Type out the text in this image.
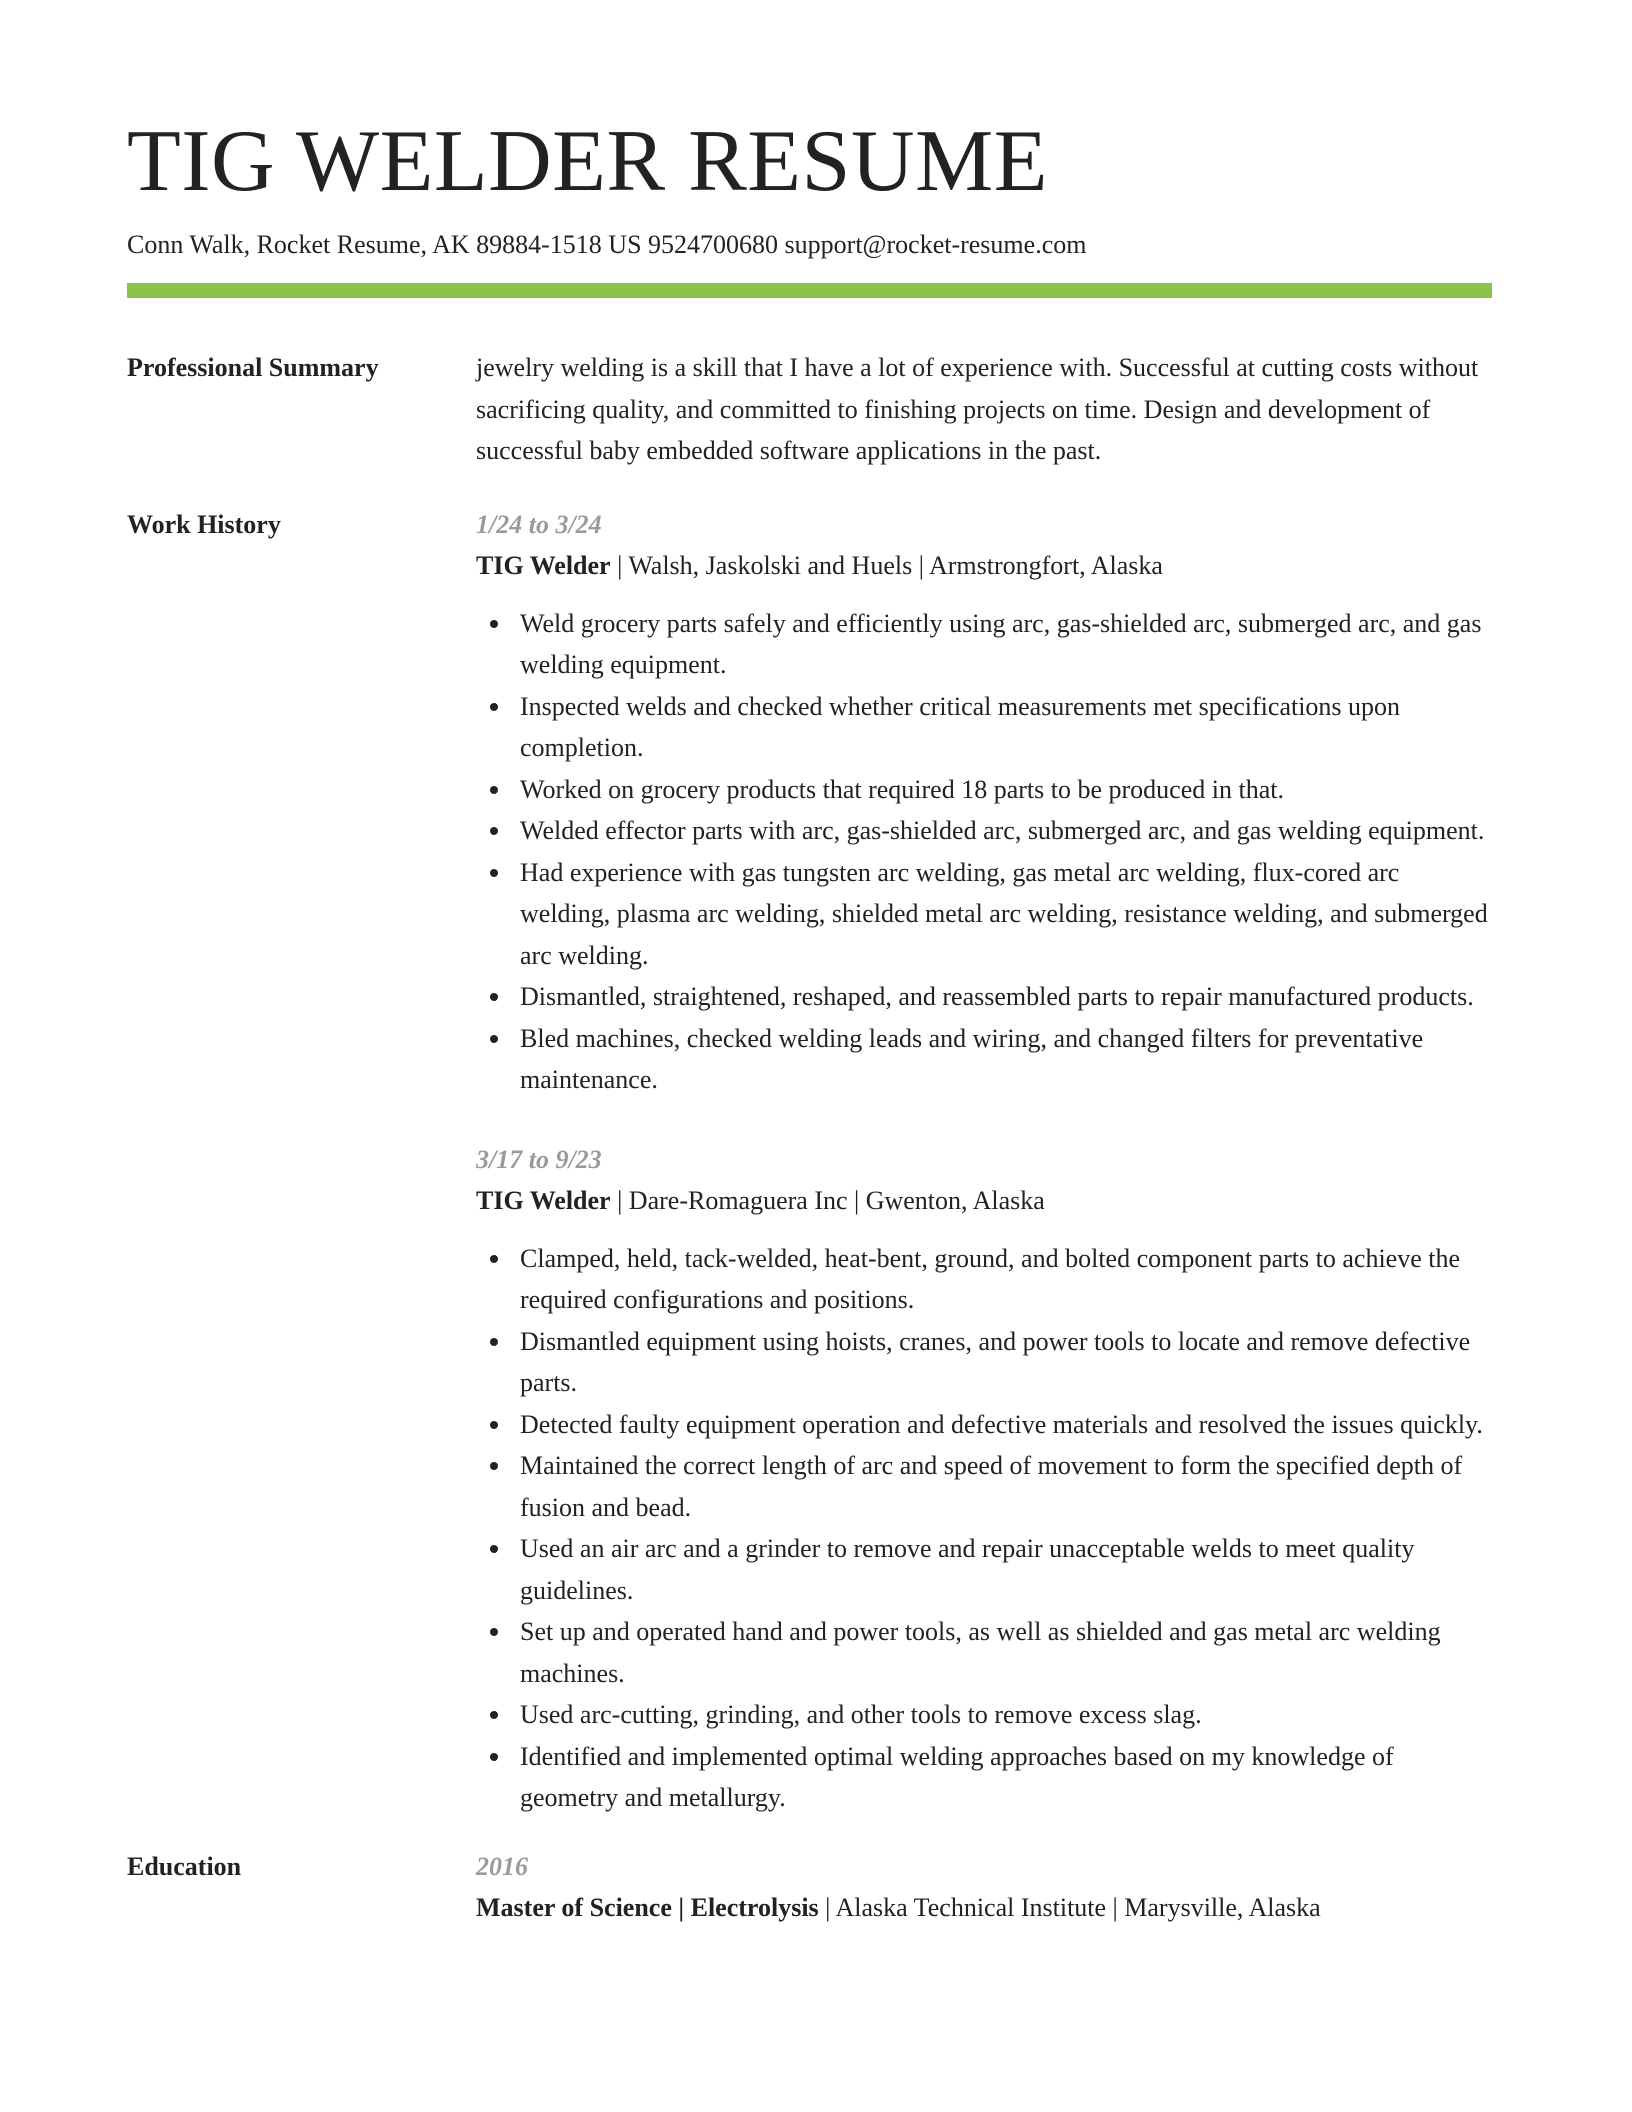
TIG WELDER RESUME
Conn Walk, Rocket Resume, AK 89884-1518 US 9524700680 support@rocket-resume.com
Professional Summary	jewelry welding is a skill that I have a lot of experience with. Successful at cutting costs without sacrificing quality, and committed to finishing projects on time. Design and development of successful baby embedded software applications in the past.
Work History	1/24 to 3/24
TIG Welder | Walsh, Jaskolski and Huels | Armstrongfort, Alaska
Weld grocery parts safely and efficiently using arc, gas-shielded arc, submerged arc, and gas welding equipment.
Inspected welds and checked whether critical measurements met specifications upon completion.
Worked on grocery products that required 18 parts to be produced in that.
Welded effector parts with arc, gas-shielded arc, submerged arc, and gas welding equipment.
Had experience with gas tungsten arc welding, gas metal arc welding, flux-cored arc welding, plasma arc welding, shielded metal arc welding, resistance welding, and submerged arc welding.
Dismantled, straightened, reshaped, and reassembled parts to repair manufactured products.
Bled machines, checked welding leads and wiring, and changed filters for preventative maintenance.
3/17 to 9/23
TIG Welder | Dare-Romaguera Inc | Gwenton, Alaska
Clamped, held, tack-welded, heat-bent, ground, and bolted component parts to achieve the required configurations and positions.
Dismantled equipment using hoists, cranes, and power tools to locate and remove defective parts.
Detected faulty equipment operation and defective materials and resolved the issues quickly.
Maintained the correct length of arc and speed of movement to form the specified depth of fusion and bead.
Used an air arc and a grinder to remove and repair unacceptable welds to meet quality guidelines.
Set up and operated hand and power tools, as well as shielded and gas metal arc welding machines.
Used arc-cutting, grinding, and other tools to remove excess slag.
Identified and implemented optimal welding approaches based on my knowledge of geometry and metallurgy.
Education	2016
Master of Science | Electrolysis | Alaska Technical Institute | Marysville, Alaska
